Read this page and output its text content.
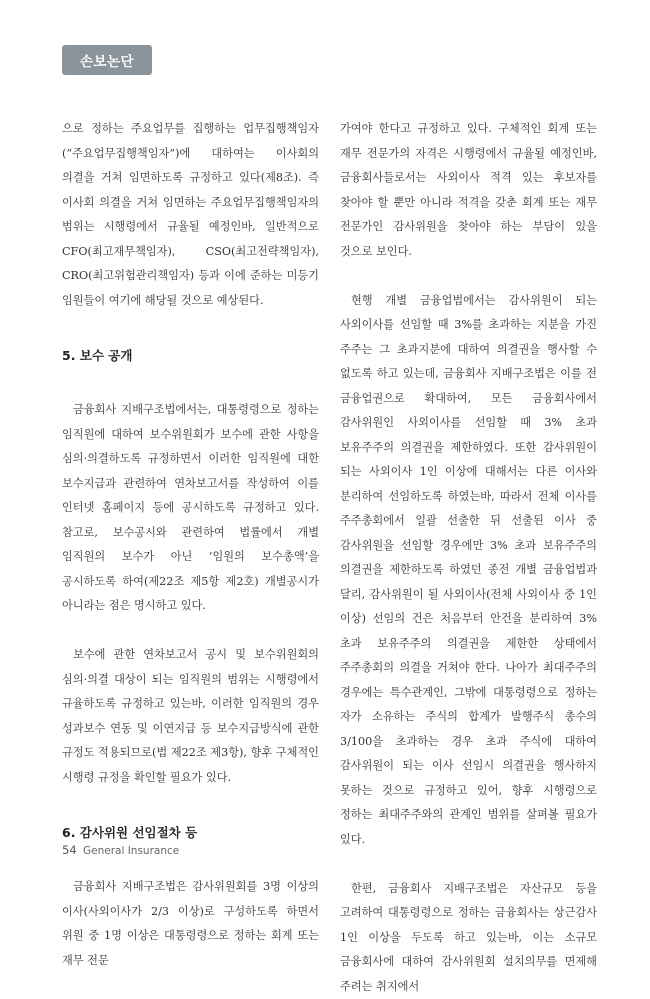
손보논단

으로 정하는 주요업무를 집행하는 업무집행책임자(“주요업무집행책임자”)에 대하여는 이사회의 의결을 거쳐 임면하도록 규정하고 있다(제8조). 즉 이사회 의결을 거쳐 임면하는 주요업무집행책임자의 범위는 시행령에서 규율될 예정인바, 일반적으로 CFO(최고재무책임자), CSO(최고전략책임자), CRO(최고위험관리책임자) 등과 이에 준하는 미등기 임원들이 여기에 해당될 것으로 예상된다.

5. 보수 공개

금융회사 지배구조법에서는, 대통령령으로 정하는 임직원에 대하여 보수위원회가 보수에 관한 사항을 심의·의결하도록 규정하면서 이러한 임직원에 대한 보수지급과 관련하여 연차보고서를 작성하여 이를 인터넷 홈페이지 등에 공시하도록 규정하고 있다. 참고로, 보수공시와 관련하여 법률에서 개별 임직원의 보수가 아닌 ‘임원의 보수총액’을 공시하도록 하여(제22조 제5항 제2호) 개별공시가 아니라는 점은 명시하고 있다.

보수에 관한 연차보고서 공시 및 보수위원회의 심의·의결 대상이 되는 임직원의 범위는 시행령에서 규율하도록 규정하고 있는바, 이러한 임직원의 경우 성과보수 연동 및 이연지급 등 보수지급방식에 관한 규정도 적용되므로(법 제22조 제3항), 향후 구체적인 시행령 규정을 확인할 필요가 있다.

6. 감사위원 선임절차 등

금융회사 지배구조법은 감사위원회를 3명 이상의 이사(사외이사가 2/3 이상)로 구성하도록 하면서 위원 중 1명 이상은 대통령령으로 정하는 회계 또는 재무 전문

가여야 한다고 규정하고 있다. 구체적인 회계 또는 재무 전문가의 자격은 시행령에서 규율될 예정인바, 금융회사들로서는 사외이사 적격 있는 후보자를 찾아야 할 뿐만 아니라 적격을 갖춘 회계 또는 재무 전문가인 감사위원을 찾아야 하는 부담이 있을 것으로 보인다.

현행 개별 금융업법에서는 감사위원이 되는 사외이사를 선임할 때 3%를 초과하는 지분을 가진 주주는 그 초과지분에 대하여 의결권을 행사할 수 없도록 하고 있는데, 금융회사 지배구조법은 이를 전 금융업권으로 확대하여, 모든 금융회사에서 감사위원인 사외이사를 선임할 때 3% 초과 보유주주의 의결권을 제한하였다. 또한 감사위원이 되는 사외이사 1인 이상에 대해서는 다른 이사와 분리하여 선임하도록 하였는바, 따라서 전체 이사를 주주총회에서 일괄 선출한 뒤 선출된 이사 중 감사위원을 선임할 경우에만 3% 초과 보유주주의 의결권을 제한하도록 하였던 종전 개별 금융업법과 달리, 감사위원이 될 사외이사(전체 사외이사 중 1인 이상) 선임의 건은 처음부터 안건을 분리하여 3% 초과 보유주주의 의결권을 제한한 상태에서 주주총회의 의결을 거쳐야 한다. 나아가 최대주주의 경우에는 특수관계인, 그밖에 대통령령으로 정하는 자가 소유하는 주식의 합계가 발행주식 총수의 3/100을 초과하는 경우 초과 주식에 대하여 감사위원이 되는 이사 선임시 의결권을 행사하지 못하는 것으로 규정하고 있어, 향후 시행령으로 정하는 최대주주와의 관계인 범위를 살펴볼 필요가 있다.

한편, 금융회사 지배구조법은 자산규모 등을 고려하여 대통령령으로 정하는 금융회사는 상근감사 1인 이상을 두도록 하고 있는바, 이는 소규모 금융회사에 대하여 감사위원회 설치의무를 면제해 주려는 취지에서

54 General Insurance
